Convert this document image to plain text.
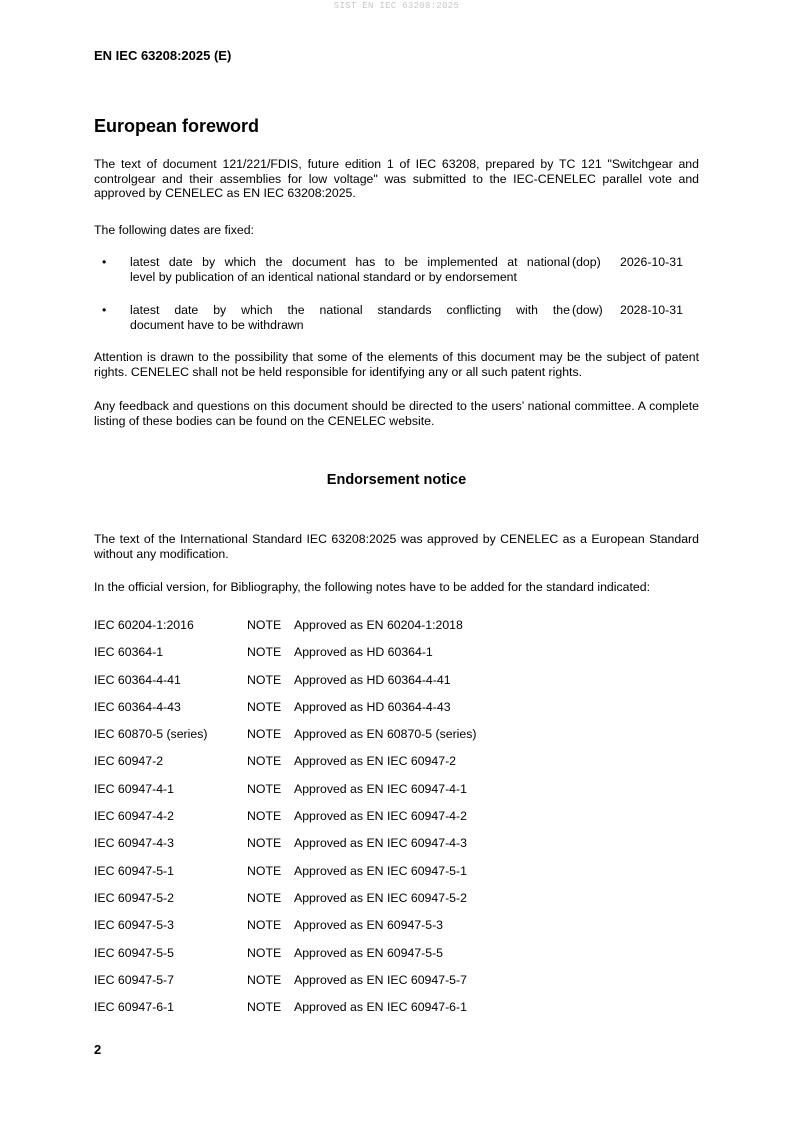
SIST EN IEC 63208:2025
EN IEC 63208:2025 (E)
European foreword

The text of document 121/221/FDIS, future edition 1 of IEC 63208, prepared by TC 121 "Switchgear and controlgear and their assemblies for low voltage" was submitted to the IEC-CENELEC parallel vote and approved by CENELEC as EN IEC 63208:2025.

The following dates are fixed:

• latest date by which the document has to be implemented at national
level by publication of an identical national standard or by endorsement
(dop) 2026-10-31
• latest date by which the national standards conflicting with the
document have to be withdrawn
(dow) 2028-10-31

Attention is drawn to the possibility that some of the elements of this document may be the subject of patent rights. CENELEC shall not be held responsible for identifying any or all such patent rights.

Any feedback and questions on this document should be directed to the users’ national committee. A complete listing of these bodies can be found on the CENELEC website.

Endorsement notice

The text of the International Standard IEC 63208:2025 was approved by CENELEC as a European Standard without any modification.

In the official version, for Bibliography, the following notes have to be added for the standard indicated:

IEC 60204-1:2016	NOTE Approved as EN 60204-1:2018
IEC 60364-1	NOTE Approved as HD 60364-1
IEC 60364-4-41	NOTE Approved as HD 60364-4-41
IEC 60364-4-43	NOTE Approved as HD 60364-4-43
IEC 60870-5 (series)	NOTE Approved as EN 60870-5 (series)
IEC 60947-2	NOTE Approved as EN IEC 60947-2
IEC 60947-4-1	NOTE Approved as EN IEC 60947-4-1
IEC 60947-4-2	NOTE Approved as EN IEC 60947-4-2
IEC 60947-4-3	NOTE Approved as EN IEC 60947-4-3
IEC 60947-5-1	NOTE Approved as EN IEC 60947-5-1
IEC 60947-5-2	NOTE Approved as EN IEC 60947-5-2
IEC 60947-5-3	NOTE Approved as EN 60947-5-3
IEC 60947-5-5	NOTE Approved as EN 60947-5-5
IEC 60947-5-7	NOTE Approved as EN IEC 60947-5-7
IEC 60947-6-1	NOTE Approved as EN IEC 60947-6-1
2
